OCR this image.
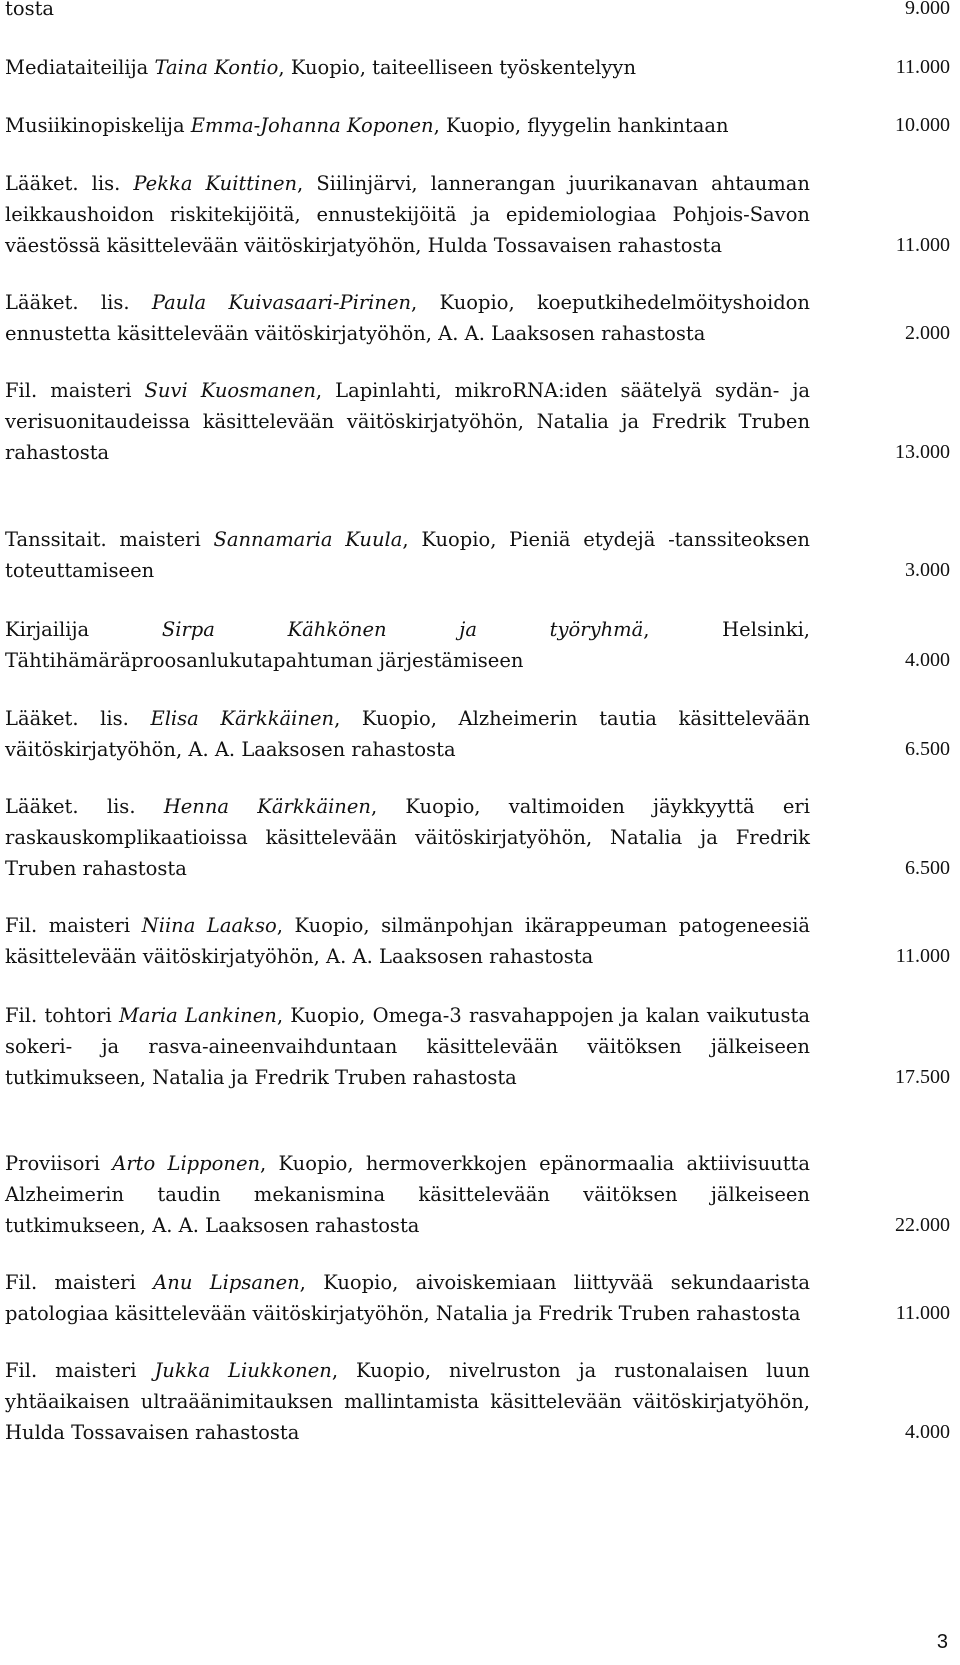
tosta	9.000
Mediataiteilija Taina Kontio, Kuopio, taiteelliseen työskentelyyn	11.000
Musiikinopiskelija Emma-Johanna Koponen, Kuopio, flyygelin hankintaan	10.000
Lääket. lis. Pekka Kuittinen, Siilinjärvi, lannerangan juurikanavan ahtauman leikkaushoidon riskitekijöitä, ennustekijöitä ja epidemiologiaa Pohjois-Savon väestössä käsittelevään väitöskirjatyöhön, Hulda Tossavaisen rahastosta	11.000
Lääket. lis. Paula Kuivasaari-Pirinen, Kuopio, koeputkihedelmöityshoidon ennustetta käsittelevään väitöskirjatyöhön, A. A. Laaksosen rahastosta	2.000
Fil. maisteri Suvi Kuosmanen, Lapinlahti, mikroRNA:iden säätelyä sydän- ja verisuonitaudeissa käsittelevään väitöskirjatyöhön, Natalia ja Fredrik Truben rahastosta	13.000
Tanssitait. maisteri Sannamaria Kuula, Kuopio, Pieniä etydejä -tanssiteoksen toteuttamiseen	3.000
Kirjailija Sirpa Kähkönen ja työryhmä, Helsinki, Tähtihämäräproosanlukutapahtuman järjestämiseen	4.000
Lääket. lis. Elisa Kärkkäinen, Kuopio, Alzheimerin tautia käsittelevään väitöskirjatyöhön, A. A. Laaksosen rahastosta	6.500
Lääket. lis. Henna Kärkkäinen, Kuopio, valtimoiden jäykkyyttä eri raskauskomplikaatioissa käsittelevään väitöskirjatyöhön, Natalia ja Fredrik Truben rahastosta	6.500
Fil. maisteri Niina Laakso, Kuopio, silmänpohjan ikärappeuman patogeneesiä käsittelevään väitöskirjatyöhön, A. A. Laaksosen rahastosta	11.000
Fil. tohtori Maria Lankinen, Kuopio, Omega-3 rasvahappojen ja kalan vaikutusta sokeri- ja rasva-aineenvaihduntaan käsittelevään väitöksen jälkeiseen tutkimukseen, Natalia ja Fredrik Truben rahastosta	17.500
Proviisori Arto Lipponen, Kuopio, hermoverkkojen epänormaalia aktiivisuutta Alzheimerin taudin mekanismina käsittelevään väitöksen jälkeiseen tutkimukseen, A. A. Laaksosen rahastosta	22.000
Fil. maisteri Anu Lipsanen, Kuopio, aivoiskemiaan liittyvää sekundaarista patologiaa käsittelevään väitöskirjatyöhön, Natalia ja Fredrik Truben rahastosta	11.000
Fil. maisteri Jukka Liukkonen, Kuopio, nivelruston ja rustonalaisen luun yhtäaikaisen ultraäänimitauksen mallintamista käsittelevään väitöskirjatyöhön, Hulda Tossavaisen rahastosta	4.000
3
